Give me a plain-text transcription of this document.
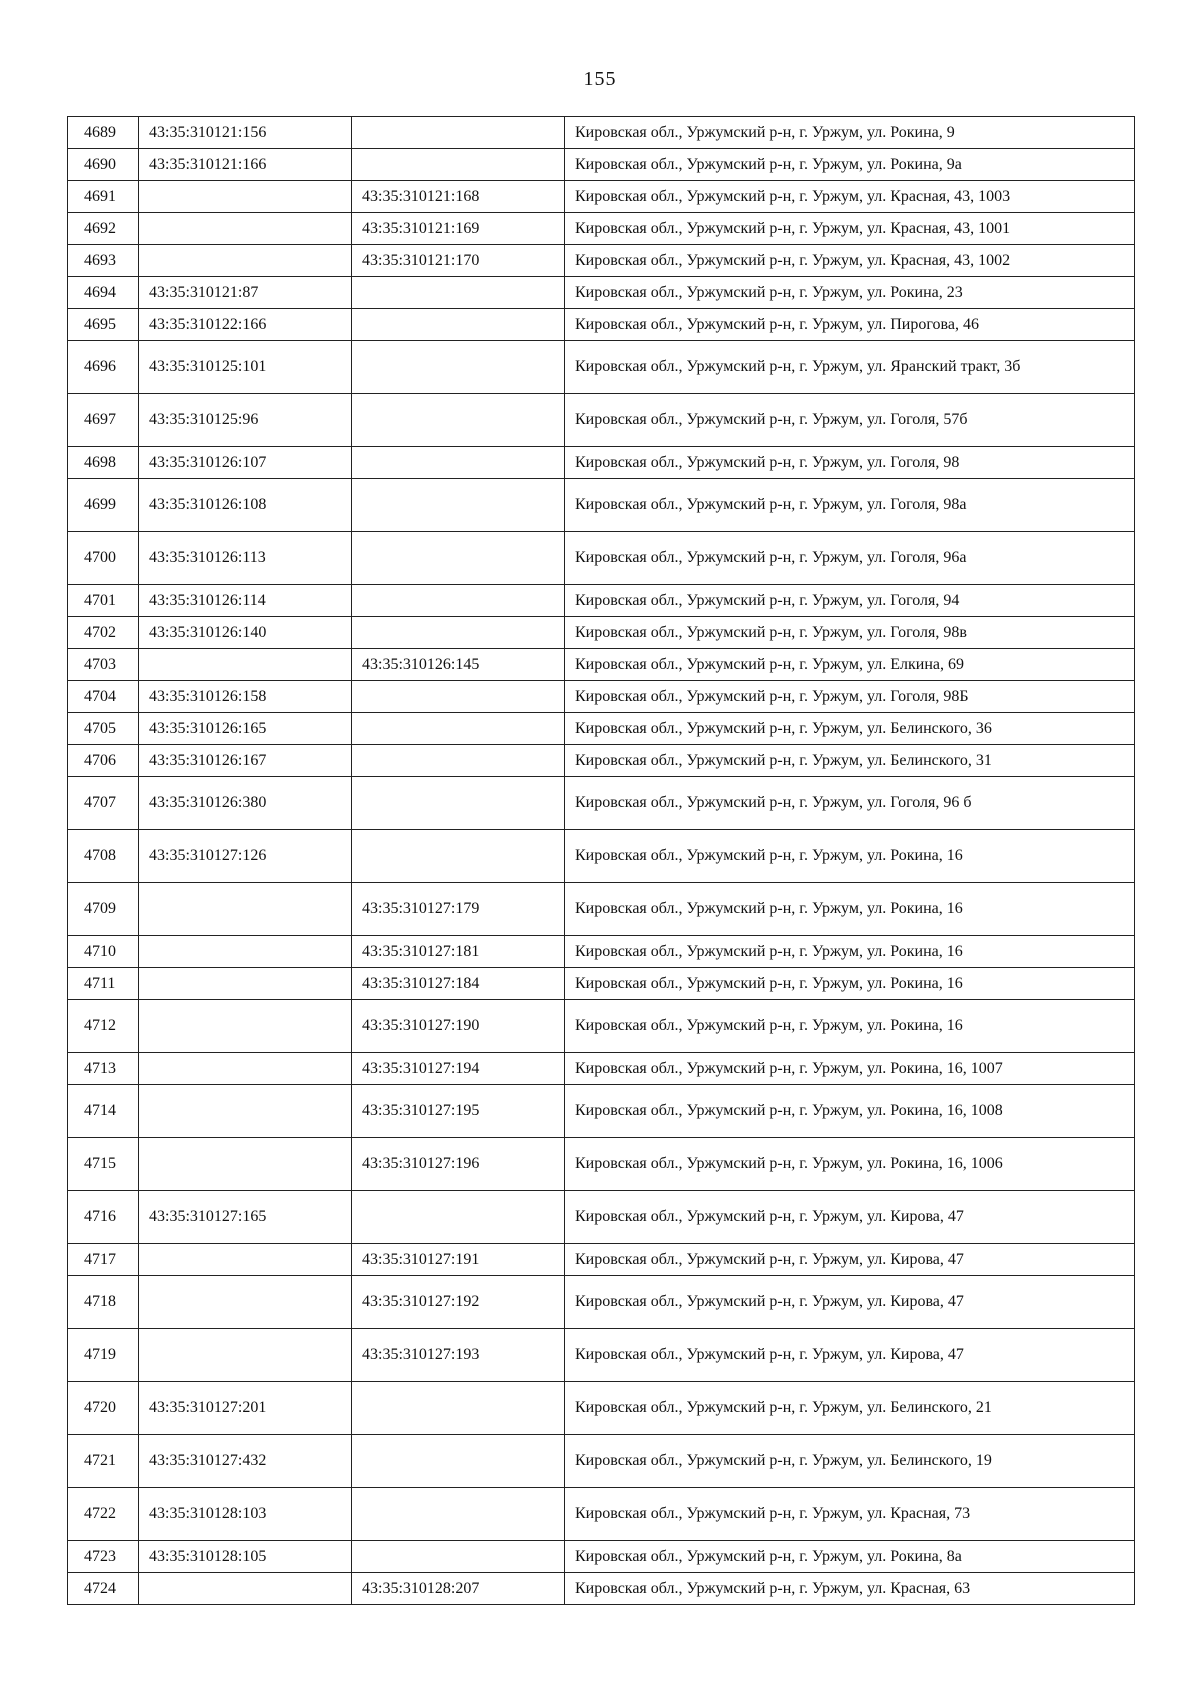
155
4689	43:35:310121:156		Кировская обл., Уржумский р-н, г. Уржум, ул. Рокина, 9
4690	43:35:310121:166		Кировская обл., Уржумский р-н, г. Уржум, ул. Рокина, 9а
4691		43:35:310121:168	Кировская обл., Уржумский р-н, г. Уржум, ул. Красная, 43, 1003
4692		43:35:310121:169	Кировская обл., Уржумский р-н, г. Уржум, ул. Красная, 43, 1001
4693		43:35:310121:170	Кировская обл., Уржумский р-н, г. Уржум, ул. Красная, 43, 1002
4694	43:35:310121:87		Кировская обл., Уржумский р-н, г. Уржум, ул. Рокина, 23
4695	43:35:310122:166		Кировская обл., Уржумский р-н, г. Уржум, ул. Пирогова, 46
4696	43:35:310125:101		Кировская обл., Уржумский р-н, г. Уржум, ул. Яранский тракт, 3б
4697	43:35:310125:96		Кировская обл., Уржумский р-н, г. Уржум, ул. Гоголя, 57б
4698	43:35:310126:107		Кировская обл., Уржумский р-н, г. Уржум, ул. Гоголя, 98
4699	43:35:310126:108		Кировская обл., Уржумский р-н, г. Уржум, ул. Гоголя, 98а
4700	43:35:310126:113		Кировская обл., Уржумский р-н, г. Уржум, ул. Гоголя, 96а
4701	43:35:310126:114		Кировская обл., Уржумский р-н, г. Уржум, ул. Гоголя, 94
4702	43:35:310126:140		Кировская обл., Уржумский р-н, г. Уржум, ул. Гоголя, 98в
4703		43:35:310126:145	Кировская обл., Уржумский р-н, г. Уржум, ул. Елкина, 69
4704	43:35:310126:158		Кировская обл., Уржумский р-н, г. Уржум, ул. Гоголя, 98Б
4705	43:35:310126:165		Кировская обл., Уржумский р-н, г. Уржум, ул. Белинского, 36
4706	43:35:310126:167		Кировская обл., Уржумский р-н, г. Уржум, ул. Белинского, 31
4707	43:35:310126:380		Кировская обл., Уржумский р-н, г. Уржум, ул. Гоголя, 96 б
4708	43:35:310127:126		Кировская обл., Уржумский р-н, г. Уржум, ул. Рокина, 16
4709		43:35:310127:179	Кировская обл., Уржумский р-н, г. Уржум, ул. Рокина, 16
4710		43:35:310127:181	Кировская обл., Уржумский р-н, г. Уржум, ул. Рокина, 16
4711		43:35:310127:184	Кировская обл., Уржумский р-н, г. Уржум, ул. Рокина, 16
4712		43:35:310127:190	Кировская обл., Уржумский р-н, г. Уржум, ул. Рокина, 16
4713		43:35:310127:194	Кировская обл., Уржумский р-н, г. Уржум, ул. Рокина, 16, 1007
4714		43:35:310127:195	Кировская обл., Уржумский р-н, г. Уржум, ул. Рокина, 16, 1008
4715		43:35:310127:196	Кировская обл., Уржумский р-н, г. Уржум, ул. Рокина, 16, 1006
4716	43:35:310127:165		Кировская обл., Уржумский р-н, г. Уржум, ул. Кирова, 47
4717		43:35:310127:191	Кировская обл., Уржумский р-н, г. Уржум, ул. Кирова, 47
4718		43:35:310127:192	Кировская обл., Уржумский р-н, г. Уржум, ул. Кирова, 47
4719		43:35:310127:193	Кировская обл., Уржумский р-н, г. Уржум, ул. Кирова, 47
4720	43:35:310127:201		Кировская обл., Уржумский р-н, г. Уржум, ул. Белинского, 21
4721	43:35:310127:432		Кировская обл., Уржумский р-н, г. Уржум, ул. Белинского, 19
4722	43:35:310128:103		Кировская обл., Уржумский р-н, г. Уржум, ул. Красная, 73
4723	43:35:310128:105		Кировская обл., Уржумский р-н, г. Уржум, ул. Рокина, 8а
4724		43:35:310128:207	Кировская обл., Уржумский р-н, г. Уржум, ул. Красная, 63
